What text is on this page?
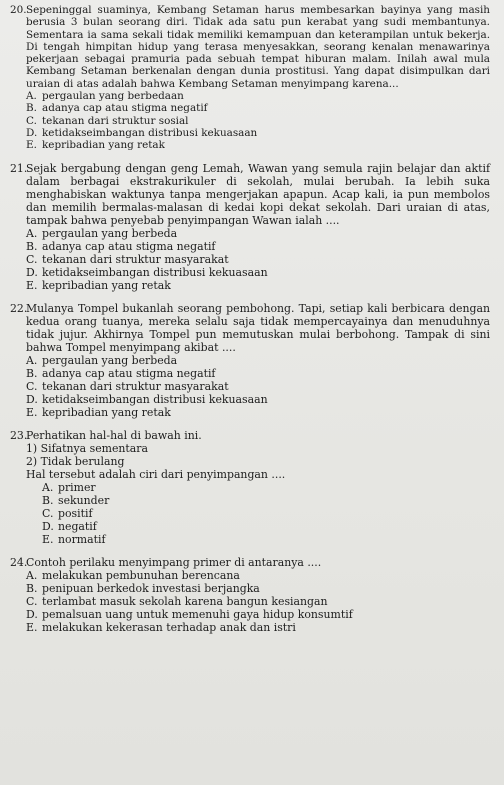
20. Sepeninggal suaminya, Kembang Setaman harus membesarkan bayinya yang masih berusia 3 bulan seorang diri. Tidak ada satu pun kerabat yang sudi membantunya. Sementara ia sama sekali tidak memiliki kemampuan dan keterampilan untuk bekerja. Di tengah himpitan hidup yang terasa menyesakkan, seorang kenalan menawarinya pekerjaan sebagai pramuria pada sebuah tempat hiburan malam. Inilah awal mula Kembang Setaman berkenalan dengan dunia prostitusi. Yang dapat disimpulkan dari uraian di atas adalah bahwa Kembang Setaman menyimpang karena...
A. pergaulan yang berbedaan
B. adanya cap atau stigma negatif
C. tekanan dari struktur sosial
D. ketidakseimbangan distribusi kekuasaan
E. kepribadian yang retak
21.
Sejak bergabung dengan geng Lemah, Wawan yang semula rajin belajar dan aktif dalam berbagai ekstrakurikuler di sekolah, mulai berubah. Ia lebih suka menghabiskan waktunya tanpa mengerjakan apapun. Acap kali, ia pun membolos dan memilih bermalas-malasan di kedai kopi dekat sekolah. Dari uraian di atas, tampak bahwa penyebab penyimpangan Wawan ialah ....
A. pergaulan yang berbeda
B. adanya cap atau stigma negatif
C. tekanan dari struktur masyarakat
D. ketidakseimbangan distribusi kekuasaan
E. kepribadian yang retak
22.
Mulanya Tompel bukanlah seorang pembohong. Tapi, setiap kali berbicara dengan kedua orang tuanya, mereka selalu saja tidak mempercayainya dan menuduhnya tidak jujur. Akhirnya Tompel pun memutuskan mulai berbohong. Tampak di sini bahwa Tompel menyimpang akibat ....
A. pergaulan yang berbeda
B. adanya cap atau stigma negatif
C. tekanan dari struktur masyarakat
D. ketidakseimbangan distribusi kekuasaan
E. kepribadian yang retak
23.
Perhatikan hal-hal di bawah ini.
1) Sifatnya sementara
2) Tidak berulang
Hal tersebut adalah ciri dari penyimpangan ....
A. primer
B. sekunder
C. positif
D. negatif
E. normatif
24.
Contoh perilaku menyimpang primer di antaranya ....
A. melakukan pembunuhan berencana
B. penipuan berkedok investasi berjangka
C. terlambat masuk sekolah karena bangun kesiangan
D. pemalsuan uang untuk memenuhi gaya hidup konsumtif
E. melakukan kekerasan terhadap anak dan istri
